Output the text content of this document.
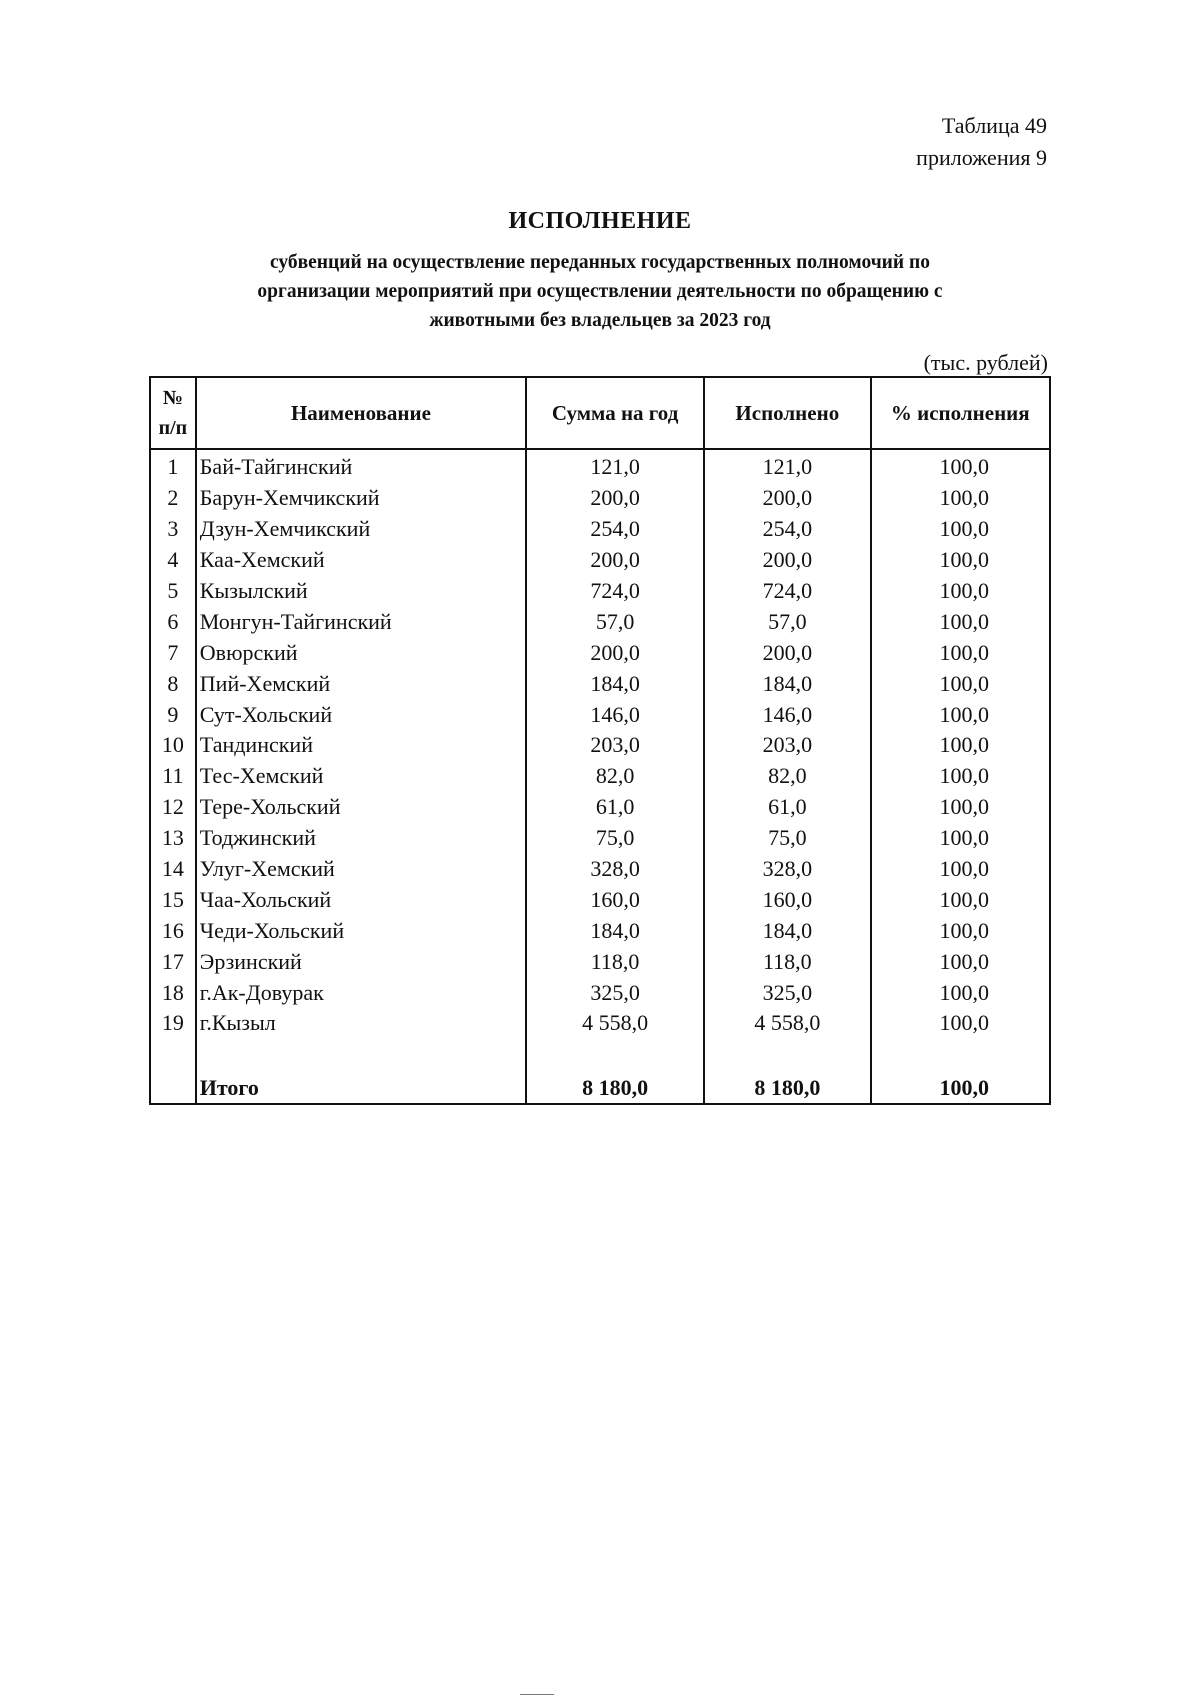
Таблица 49
приложения 9
ИСПОЛНЕНИЕ
субвенций на осуществление переданных государственных полномочий по
организации мероприятий при осуществлении деятельности по обращению с
животными без владельцев за 2023 год
(тыс. рублей)
№
п/п	Наименование	Сумма на год	Исполнено	% исполнения
1	Бай-Тайгинский	121,0	121,0	100,0
2	Барун-Хемчикский	200,0	200,0	100,0
3	Дзун-Хемчикский	254,0	254,0	100,0
4	Каа-Хемский	200,0	200,0	100,0
5	Кызылский	724,0	724,0	100,0
6	Монгун-Тайгинский	57,0	57,0	100,0
7	Овюрский	200,0	200,0	100,0
8	Пий-Хемский	184,0	184,0	100,0
9	Сут-Хольский	146,0	146,0	100,0
10	Тандинский	203,0	203,0	100,0
11	Тес-Хемский	82,0	82,0	100,0
12	Тере-Хольский	61,0	61,0	100,0
13	Тоджинский	75,0	75,0	100,0
14	Улуг-Хемский	328,0	328,0	100,0
15	Чаа-Хольский	160,0	160,0	100,0
16	Чеди-Хольский	184,0	184,0	100,0
17	Эрзинский	118,0	118,0	100,0
18	г.Ак-Довурак	325,0	325,0	100,0
19	г.Кызыл	4 558,0	4 558,0	100,0

	Итого	8 180,0	8 180,0	100,0
